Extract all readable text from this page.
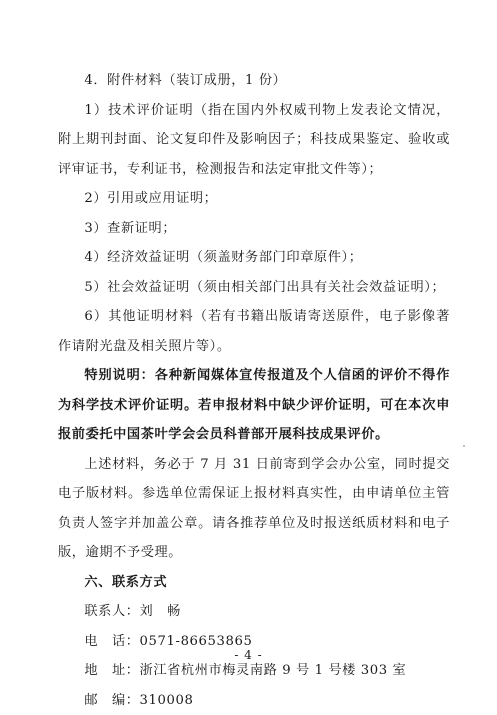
4．附件材料（装订成册，1 份）

1）技术评价证明（指在国内外权威刊物上发表论文情况，附上期刊封面、论文复印件及影响因子；科技成果鉴定、验收或评审证书，专利证书，检测报告和法定审批文件等）；

2）引用或应用证明；

3）查新证明；

4）经济效益证明（须盖财务部门印章原件）；

5）社会效益证明（须由相关部门出具有关社会效益证明）；

6）其他证明材料（若有书籍出版请寄送原件，电子影像著作请附光盘及相关照片等）。

特别说明：各种新闻媒体宣传报道及个人信函的评价不得作为科学技术评价证明。若申报材料中缺少评价证明，可在本次申报前委托中国茶叶学会会员科普部开展科技成果评价。

上述材料，务必于 7 月 31 日前寄到学会办公室，同时提交电子版材料。参选单位需保证上报材料真实性，由申请单位主管负责人签字并加盖公章。请各推荐单位及时报送纸质材料和电子版，逾期不予受理。

六、联系方式

联系人：刘　畅

电　话：0571-86653865

地　址：浙江省杭州市梅灵南路 9 号 1 号楼 303 室

邮　编：310008

- 4 -
